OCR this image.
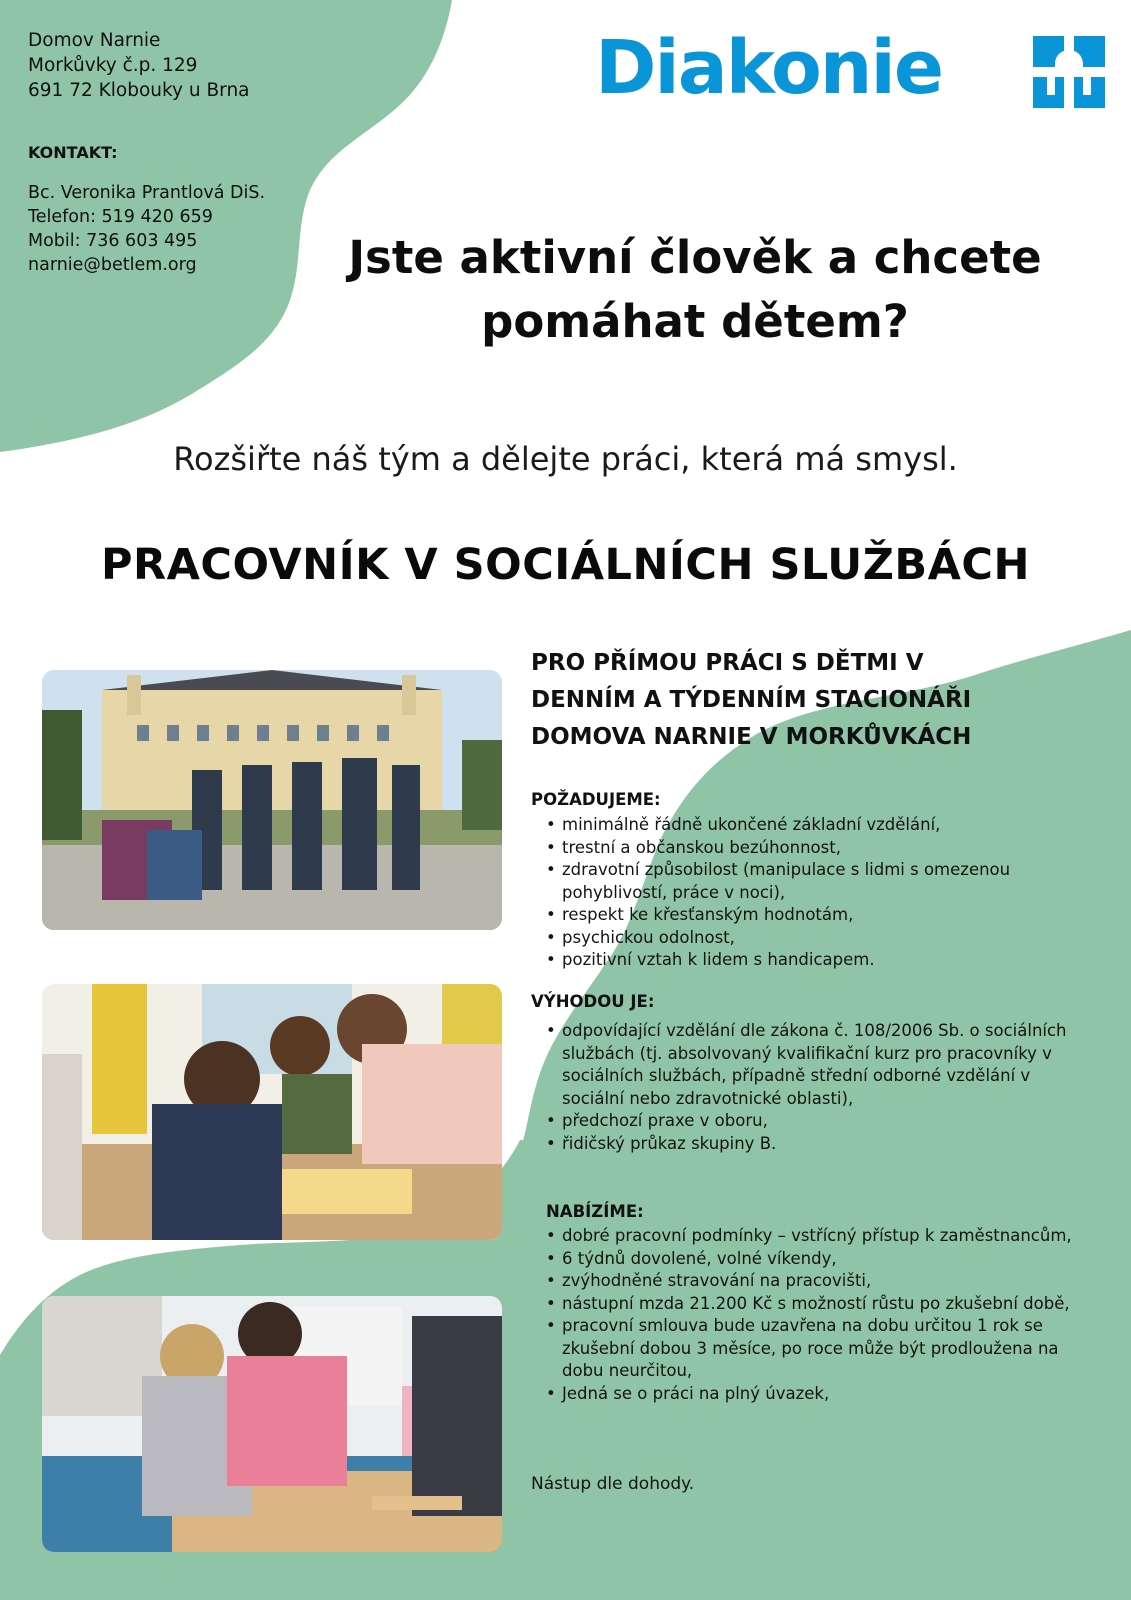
Domov Narnie
Morkůvky č.p. 129
691 72 Klobouky u Brna
KONTAKT:
Bc. Veronika Prantlová DiS.
Telefon: 519 420 659
Mobil: 736 603 495
narnie@betlem.org
Diakonie
Jste aktivní člověk a chcete
pomáhat dětem?
Rozšiřte náš tým a dělejte práci, která má smysl.
PRACOVNÍK V SOCIÁLNÍCH SLUŽBÁCH
PRO PŘÍMOU PRÁCI S DĚTMI V
DENNÍM A TÝDENNÍM STACIONÁŘI
DOMOVA NARNIE V MORKŮVKÁCH
POŽADUJEME:
• minimálně řádně ukončené základní vzdělání,
• trestní a občanskou bezúhonnost,
• zdravotní způsobilost (manipulace s lidmi s omezenou pohyblivostí, práce v noci),
• respekt ke křesťanským hodnotám,
• psychickou odolnost,
• pozitivní vztah k lidem s handicapem.
VÝHODOU JE:
• odpovídající vzdělání dle zákona č. 108/2006 Sb. o sociálních službách (tj. absolvovaný kvalifikační kurz pro pracovníky v sociálních službách, případně střední odborné vzdělání v sociální nebo zdravotnické oblasti),
• předchozí praxe v oboru,
• řidičský průkaz skupiny B.
NABÍZÍME:
• dobré pracovní podmínky – vstřícný přístup k zaměstnancům,
• 6 týdnů dovolené, volné víkendy,
• zvýhodněné stravování na pracovišti,
• nástupní mzda 21.200 Kč s možností růstu po zkušební době,
• pracovní smlouva bude uzavřena na dobu určitou 1 rok se zkušební dobou 3 měsíce, po roce může být prodloužena na dobu neurčitou,
• Jedná se o práci na plný úvazek,
Nástup dle dohody.
